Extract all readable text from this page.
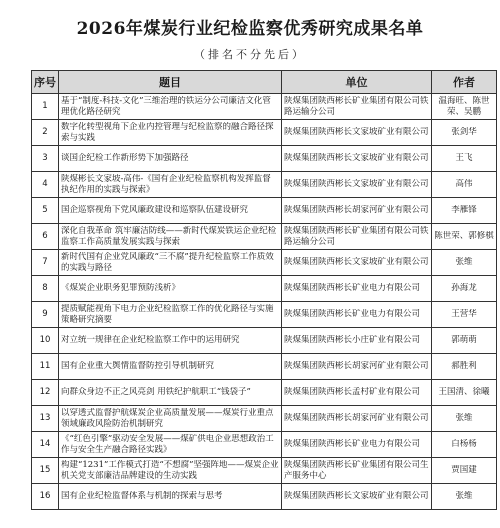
2026年煤炭行业纪检监察优秀研究成果名单
（排名不分先后）
序号	题目	单位	作者

1	基于“制度-科技-文化”三维治理的铁运分公司廉洁文化管理优化路径研究	陕煤集团陕西彬长矿业集团有限公司铁路运输分公司	温海旺、陈世荣、吴鹏

2	数字化转型视角下企业内控管理与纪检监察的融合路径探索与实践	陕煤集团陕西彬长文家坡矿业有限公司	张剑华

3	谈国企纪检工作新形势下加强路径	陕煤集团陕西彬长文家坡矿业有限公司	王飞

4	陕煤彬长文家坡-高伟-《国有企业纪检监察机构发挥监督执纪作用的实践与探索》	陕煤集团陕西彬长文家坡矿业有限公司	高伟

5	国企巡察视角下党风廉政建设和巡察队伍建设研究	陕煤集团陕西彬长胡家河矿业有限公司	李雁锋

6	深化自我革命 筑牢廉洁防线——新时代煤炭铁运企业纪检监察工作高质量发展实践与探索	陕煤集团陕西彬长矿业集团有限公司铁路运输分公司	陈世荣、郭修棋

7	新时代国有企业党风廉政“三不腐”提升纪检监察工作质效的实践与路径	陕煤集团陕西彬长文家坡矿业有限公司	张维

8	《煤炭企业职务犯罪预防浅析》	陕煤集团陕西彬长矿业电力有限公司	孙海龙

9	提质赋能视角下电力企业纪检监察工作的优化路径与实施策略研究摘要	陕煤集团陕西彬长矿业电力有限公司	王营华

10	对立统一规律在企业纪检监察工作中的运用研究	陕煤集团陕西彬长小庄矿业有限公司	郭萌萌

11	国有企业重大舆情监督防控引导机制研究	陕煤集团陕西彬长胡家河矿业有限公司	郝胜利

12	向群众身边不正之风亮剑 用铁纪护航职工“钱袋子”	陕煤集团陕西彬长孟村矿业有限公司	王国清、徐曦

13	以穿透式监督护航煤炭企业高质量发展——煤炭行业重点领域廉政风险防治机制研究	陕煤集团陕西彬长胡家河矿业有限公司	张维

14	《“红色引擎”驱动安全发展——煤矿供电企业思想政治工作与安全生产融合路径实践》	陕煤集团陕西彬长矿业电力有限公司	白杨杨

15	构建“1231”工作模式打造“不想腐”坚强阵地——煤炭企业机关党支部廉洁品牌建设的生动实践	陕煤集团陕西彬长矿业集团有限公司生产服务中心	贾国建

16	国有企业纪检监督体系与机制的探索与思考	陕煤集团陕西彬长文家坡矿业有限公司	张维
